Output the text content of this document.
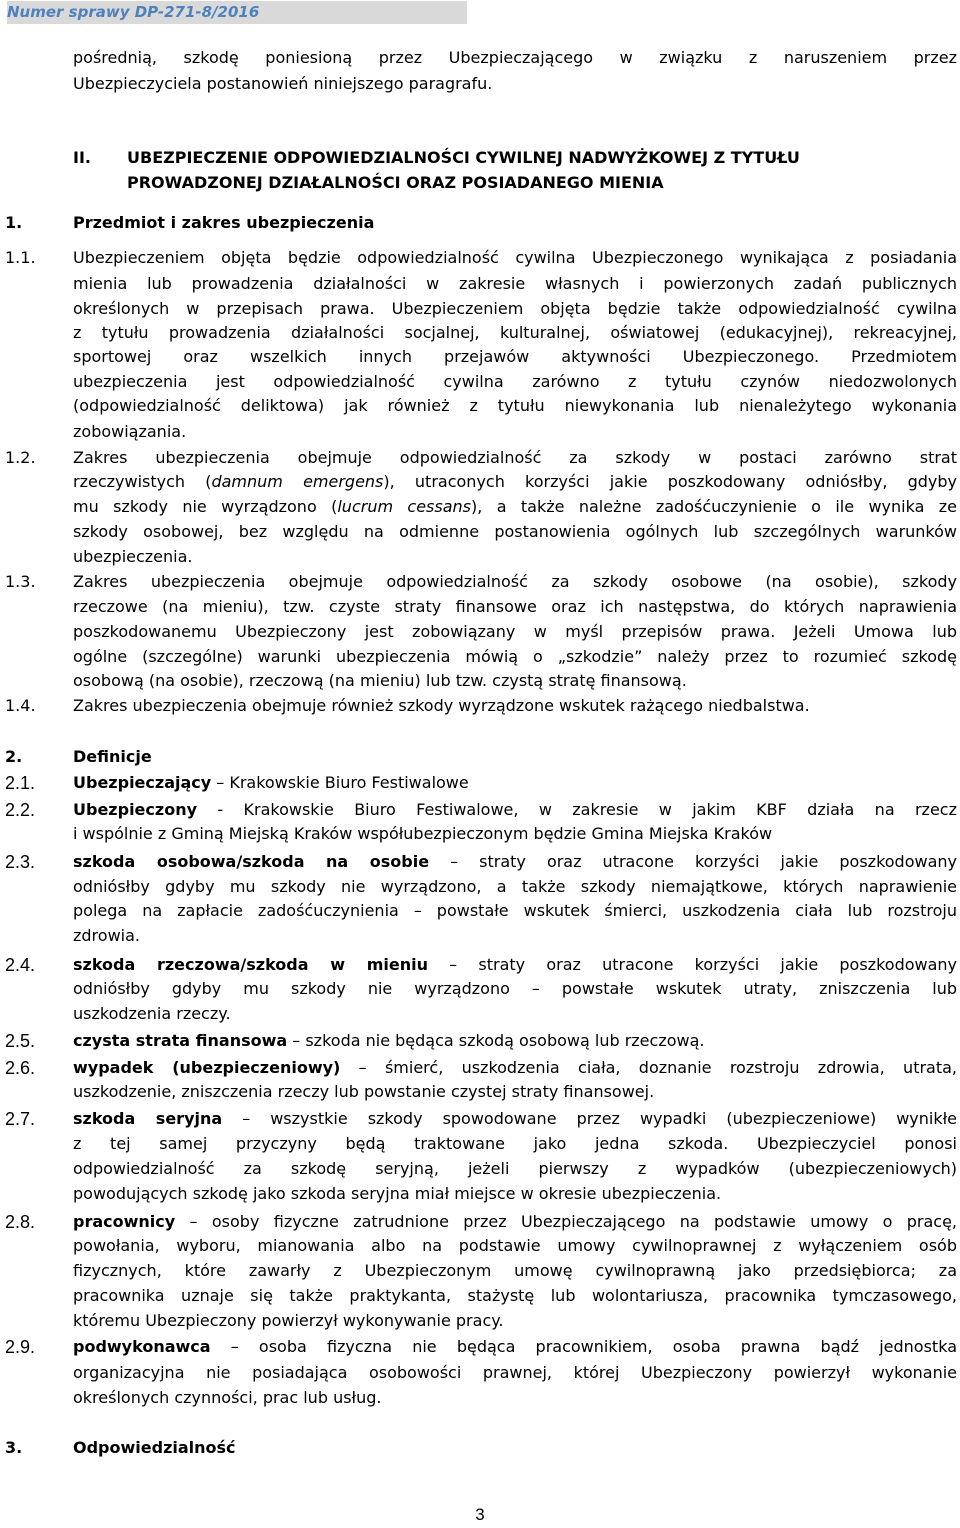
Numer sprawy DP-271-8/2016
pośrednią, szkodę poniesioną przez Ubezpieczającego w związku z naruszeniem przez
Ubezpieczyciela postanowień niniejszego paragrafu.
II. UBEZPIECZENIE ODPOWIEDZIALNOŚCI CYWILNEJ NADWYŻKOWEJ Z TYTUŁU
PROWADZONEJ DZIAŁALNOŚCI ORAZ POSIADANEGO MIENIA
1.	Przedmiot i zakres ubezpieczenia
1.1. Ubezpieczeniem objęta będzie odpowiedzialność cywilna Ubezpieczonego wynikająca z posiadania
mienia lub prowadzenia działalności w zakresie własnych i powierzonych zadań publicznych
określonych w przepisach prawa. Ubezpieczeniem objęta będzie także odpowiedzialność cywilna
z tytułu prowadzenia działalności socjalnej, kulturalnej, oświatowej (edukacyjnej), rekreacyjnej,
sportowej oraz wszelkich innych przejawów aktywności Ubezpieczonego. Przedmiotem
ubezpieczenia jest odpowiedzialność cywilna zarówno z tytułu czynów niedozwolonych
(odpowiedzialność deliktowa) jak również z tytułu niewykonania lub nienależytego wykonania
zobowiązania.
1.2. Zakres ubezpieczenia obejmuje odpowiedzialność za szkody w postaci zarówno strat
rzeczywistych (damnum emergens), utraconych korzyści jakie poszkodowany odniósłby, gdyby
mu szkody nie wyrządzono (lucrum cessans), a także należne zadośćuczynienie o ile wynika ze
szkody osobowej, bez względu na odmienne postanowienia ogólnych lub szczególnych warunków
ubezpieczenia.
1.3. Zakres ubezpieczenia obejmuje odpowiedzialność za szkody osobowe (na osobie), szkody
rzeczowe (na mieniu), tzw. czyste straty finansowe oraz ich następstwa, do których naprawienia
poszkodowanemu Ubezpieczony jest zobowiązany w myśl przepisów prawa. Jeżeli Umowa lub
ogólne (szczególne) warunki ubezpieczenia mówią o „szkodzie” należy przez to rozumieć szkodę
osobową (na osobie), rzeczową (na mieniu) lub tzw. czystą stratę finansową.
1.4. Zakres ubezpieczenia obejmuje również szkody wyrządzone wskutek rażącego niedbalstwa.
2.	Definicje
2.1. Ubezpieczający – Krakowskie Biuro Festiwalowe
2.2. Ubezpieczony - Krakowskie Biuro Festiwalowe, w zakresie w jakim KBF działa na rzecz
i wspólnie z Gminą Miejską Kraków współubezpieczonym będzie Gmina Miejska Kraków
2.3. szkoda osobowa/szkoda na osobie – straty oraz utracone korzyści jakie poszkodowany
odniósłby gdyby mu szkody nie wyrządzono, a także szkody niemajątkowe, których naprawienie
polega na zapłacie zadośćuczynienia – powstałe wskutek śmierci, uszkodzenia ciała lub rozstroju
zdrowia.
2.4. szkoda rzeczowa/szkoda w mieniu – straty oraz utracone korzyści jakie poszkodowany
odniósłby gdyby mu szkody nie wyrządzono – powstałe wskutek utraty, zniszczenia lub
uszkodzenia rzeczy.
2.5. czysta strata finansowa – szkoda nie będąca szkodą osobową lub rzeczową.
2.6. wypadek (ubezpieczeniowy) – śmierć, uszkodzenia ciała, doznanie rozstroju zdrowia, utrata,
uszkodzenie, zniszczenia rzeczy lub powstanie czystej straty finansowej.
2.7. szkoda seryjna – wszystkie szkody spowodowane przez wypadki (ubezpieczeniowe) wynikłe
z tej samej przyczyny będą traktowane jako jedna szkoda. Ubezpieczyciel ponosi
odpowiedzialność za szkodę seryjną, jeżeli pierwszy z wypadków (ubezpieczeniowych)
powodujących szkodę jako szkoda seryjna miał miejsce w okresie ubezpieczenia.
2.8. pracownicy – osoby fizyczne zatrudnione przez Ubezpieczającego na podstawie umowy o pracę,
powołania, wyboru, mianowania albo na podstawie umowy cywilnoprawnej z wyłączeniem osób
fizycznych, które zawarły z Ubezpieczonym umowę cywilnoprawną jako przedsiębiorca; za
pracownika uznaje się także praktykanta, stażystę lub wolontariusza, pracownika tymczasowego,
któremu Ubezpieczony powierzył wykonywanie pracy.
2.9. podwykonawca – osoba fizyczna nie będąca pracownikiem, osoba prawna bądź jednostka
organizacyjna nie posiadająca osobowości prawnej, której Ubezpieczony powierzył wykonanie
określonych czynności, prac lub usług.
3.	Odpowiedzialność
3
